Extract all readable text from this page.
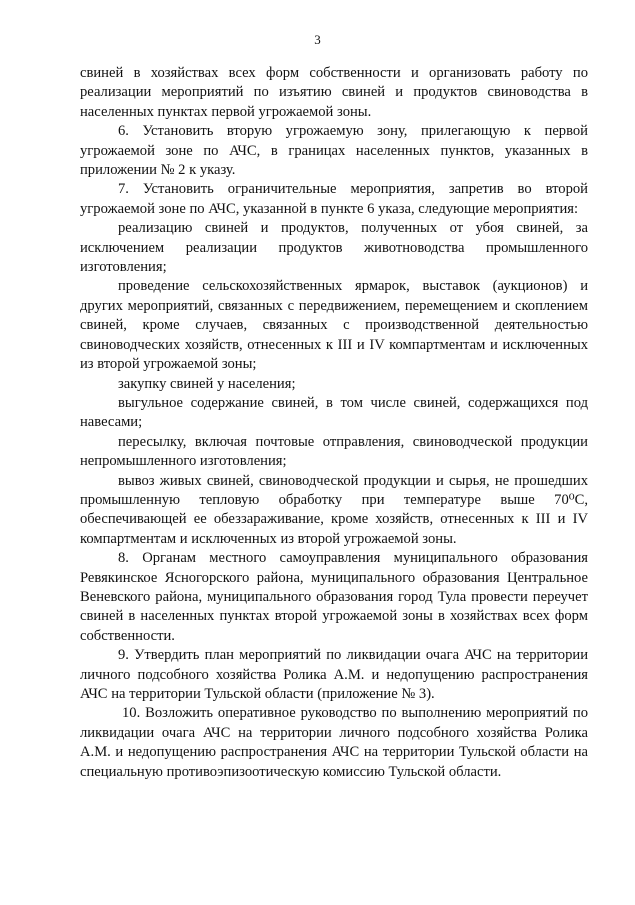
3

свиней в хозяйствах всех форм собственности и организовать работу по реализации мероприятий по изъятию свиней и продуктов свиноводства в населенных пунктах первой угрожаемой зоны.

6. Установить вторую угрожаемую зону, прилегающую к первой угрожаемой зоне по АЧС, в границах населенных пунктов, указанных в приложении № 2 к указу.

7. Установить ограничительные мероприятия, запретив во второй угрожаемой зоне по АЧС, указанной в пункте 6 указа, следующие мероприятия:

реализацию свиней и продуктов, полученных от убоя свиней, за исключением реализации продуктов животноводства промышленного изготовления;

проведение сельскохозяйственных ярмарок, выставок (аукционов) и других мероприятий, связанных с передвижением, перемещением и скоплением свиней, кроме случаев, связанных с производственной деятельностью свиноводческих хозяйств, отнесенных к III и IV компартментам и исключенных из второй угрожаемой зоны;

закупку свиней у населения;

выгульное содержание свиней, в том числе свиней, содержащихся под навесами;

пересылку, включая почтовые отправления, свиноводческой продукции непромышленного изготовления;

вывоз живых свиней, свиноводческой продукции и сырья, не прошедших промышленную тепловую обработку при температуре выше 70⁰С, обеспечивающей ее обеззараживание, кроме хозяйств, отнесенных к III и IV компартментам и исключенных из второй угрожаемой зоны.

8. Органам местного самоуправления муниципального образования Ревякинское Ясногорского района, муниципального образования Центральное Веневского района, муниципального образования город Тула провести переучет свиней в населенных пунктах второй угрожаемой зоны в хозяйствах всех форм собственности.

9. Утвердить план мероприятий по ликвидации очага АЧС на территории личного подсобного хозяйства Ролика А.М. и недопущению распространения АЧС на территории Тульской области (приложение № 3).

10. Возложить оперативное руководство по выполнению мероприятий по ликвидации очага АЧС на территории личного подсобного хозяйства Ролика А.М. и недопущению распространения АЧС на территории Тульской области на специальную противоэпизоотическую комиссию Тульской области.
